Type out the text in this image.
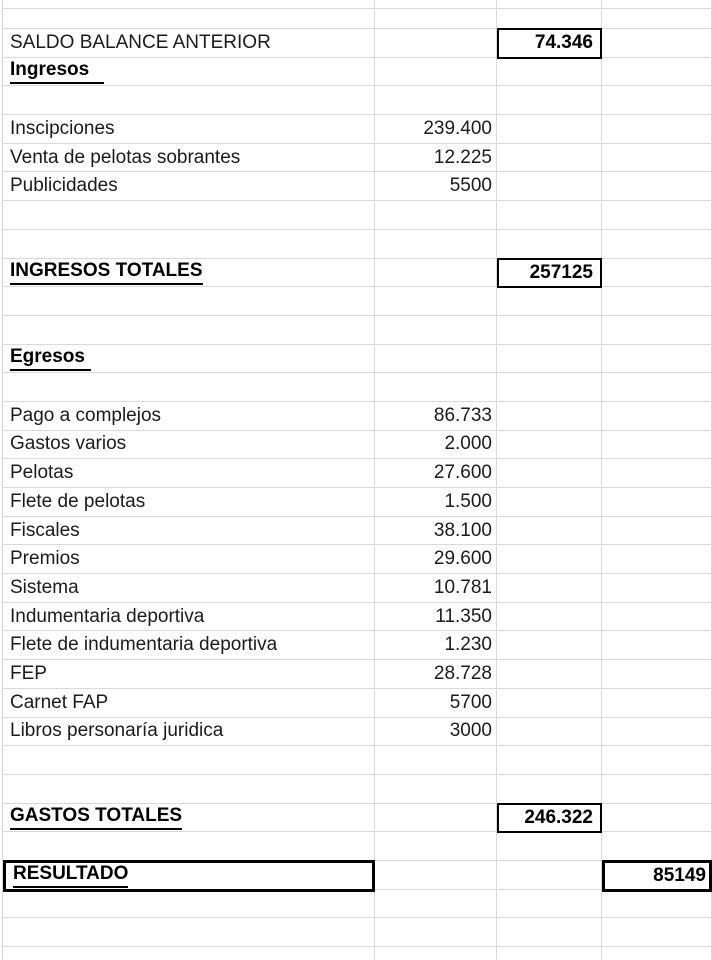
SALDO BALANCE ANTERIOR	74.346
Ingresos
Inscipciones	239.400
Venta de pelotas sobrantes	12.225
Publicidades	5500
INGRESOS TOTALES	257125
Egresos
Pago a complejos	86.733
Gastos varios	2.000
Pelotas	27.600
Flete de pelotas	1.500
Fiscales	38.100
Premios	29.600
Sistema	10.781
Indumentaria deportiva	11.350
Flete de indumentaria deportiva	1.230
FEP	28.728
Carnet FAP	5700
Libros personaría juridica	3000
GASTOS TOTALES	246.322
RESULTADO	85149
